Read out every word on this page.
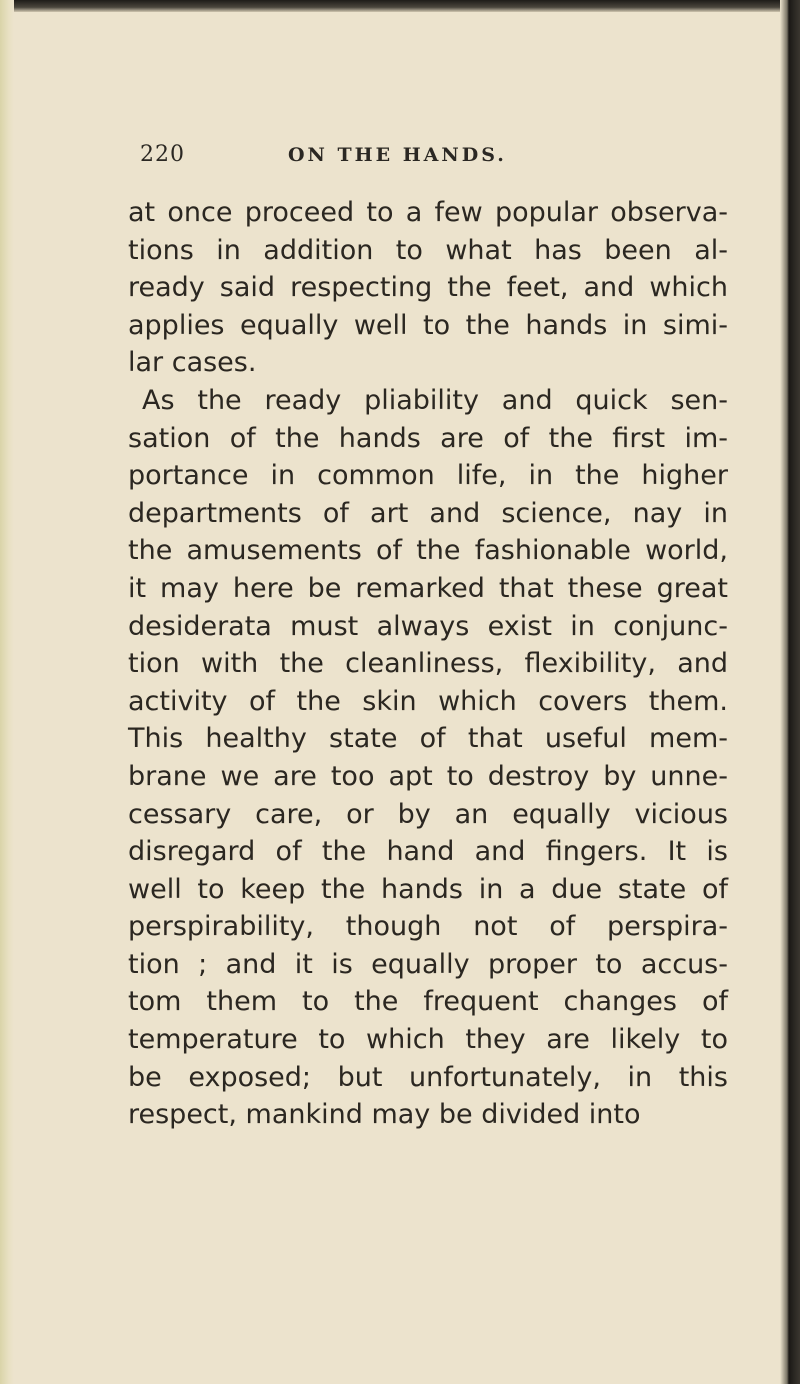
220	ON THE HANDS.
at once proceed to a few popular observa-
tions in addition to what has been al-
ready said respecting the feet, and which
applies equally well to the hands in simi-
lar cases.
As the ready pliability and quick sen-
sation of the hands are of the first im-
portance in common life, in the higher
departments of art and science, nay in
the amusements of the fashionable world,
it may here be remarked that these great
desiderata must always exist in conjunc-
tion with the cleanliness, flexibility, and
activity of the skin which covers them.
This healthy state of that useful mem-
brane we are too apt to destroy by unne-
cessary care, or by an equally vicious
disregard of the hand and fingers. It is
well to keep the hands in a due state of
perspirability, though not of perspira-
tion ; and it is equally proper to accus-
tom them to the frequent changes of
temperature to which they are likely to
be exposed; but unfortunately, in this
respect, mankind may be divided into
